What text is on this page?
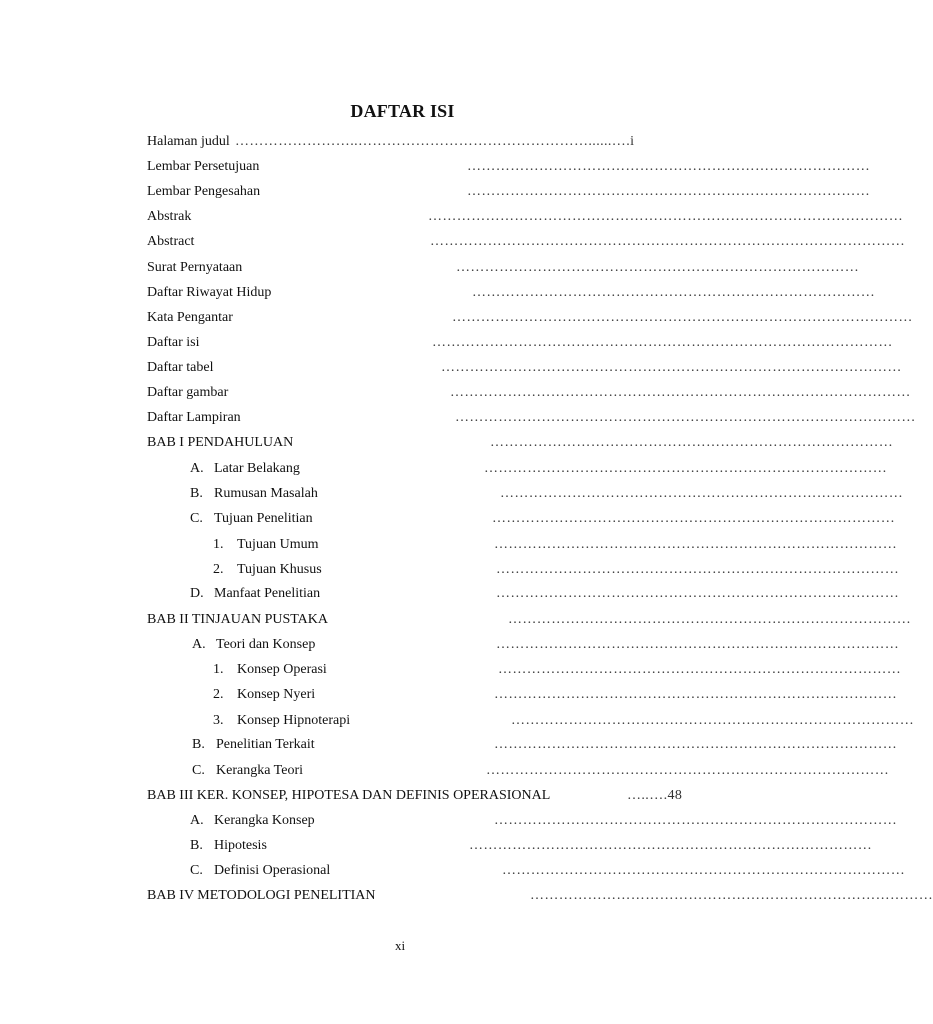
DAFTAR ISI
Halaman judul ……………………..…………………………………………......….i
Lembar Persetujuan	…………………………………………………………………………
Lembar Pengesahan	…………………………………………………………………………
Abstrak	………………………………………………………………………………………
Abstract	………………………………………………………………………………………
Surat Pernyataan	…………………………………………………………………………
Daftar Riwayat Hidup	…………………………………………………………………………
Kata Pengantar	……………………………………………………………………………………
Daftar isi	……………………………………………………………………………………
Daftar tabel	……………………………………………………………………………………
Daftar gambar	……………………………………………………………………………………
Daftar Lampiran	……………………………………………………………………………………
BAB I PENDAHULUAN	…………………………………………………………………………
A. Latar Belakang	…………………………………………………………………………
B. Rumusan Masalah	…………………………………………………………………………
C. Tujuan Penelitian	…………………………………………………………………………
1. Tujuan Umum	…………………………………………………………………………
2. Tujuan Khusus	…………………………………………………………………………
D. Manfaat Penelitian	…………………………………………………………………………
BAB II TINJAUAN PUSTAKA	…………………………………………………………………………
A. Teori dan Konsep	…………………………………………………………………………
1. Konsep Operasi	…………………………………………………………………………
2. Konsep Nyeri	…………………………………………………………………………
3. Konsep Hipnoterapi	…………………………………………………………………………
B. Penelitian Terkait	…………………………………………………………………………
C. Kerangka Teori	…………………………………………………………………………
BAB III KER. KONSEP, HIPOTESA DAN DEFINIS OPERASIONAL	…..….48
A. Kerangka Konsep	…………………………………………………………………………
B. Hipotesis	…………………………………………………………………………
C. Definisi Operasional	…………………………………………………………………………
BAB IV METODOLOGI PENELITIAN	…………………………………………………………………………
xi
